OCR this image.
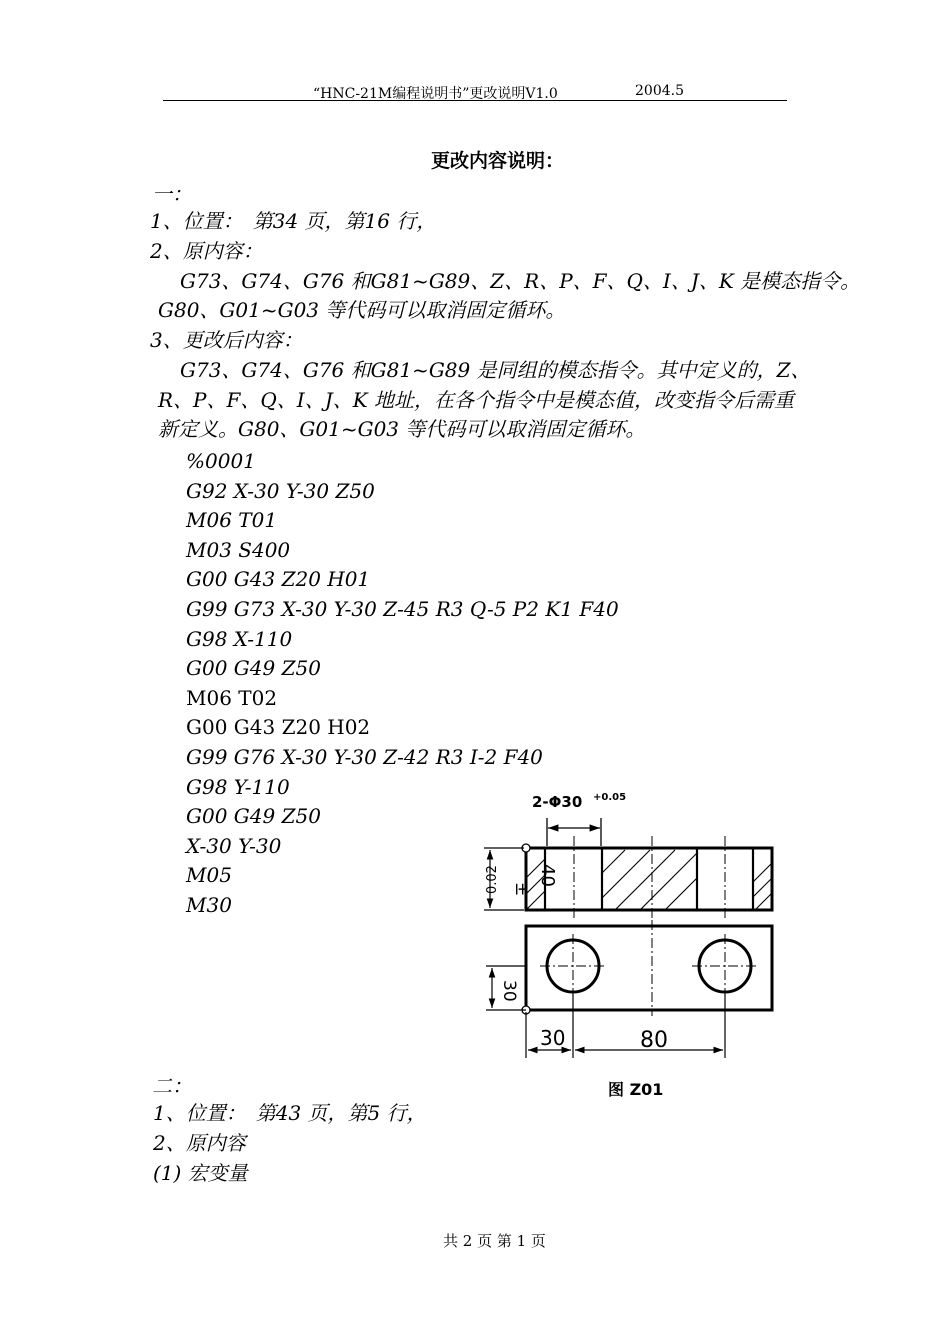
“HNC-21M编程说明书”更改说明V1.0	2004.5
更改内容说明：
一：
1、位置：　第34 页，第16 行，
2、原内容：
G73、G74、G76 和G81~G89、Z、R、P、F、Q、I、J、K 是模态指令。
G80、G01~G03 等代码可以取消固定循环。
3、更改后内容：
G73、G74、G76 和G81~G89 是同组的模态指令。其中定义的，Z、
R、P、F、Q、I、J、K 地址，在各个指令中是模态值，改变指令后需重
新定义。G80、G01~G03 等代码可以取消固定循环。
%0001
G92 X-30 Y-30 Z50
M06 T01
M03 S400
G00 G43 Z20 H01
G99 G73 X-30 Y-30 Z-45 R3 Q-5 P2 K1 F40
G98 X-110
G00 G49 Z50
M06 T02
G00 G43 Z20 H02
G99 G76 X-30 Y-30 Z-42 R3 I-2 F40
G98 Y-110
G00 G49 Z50
X-30 Y-30
M05
M30
2-Φ30 +0.05
0.02 ±
40
30
30	80
图 Z01
二：
1、位置：　第43 页，第5 行，
2、原内容
(1) 宏变量
共 2 页 第 1 页
